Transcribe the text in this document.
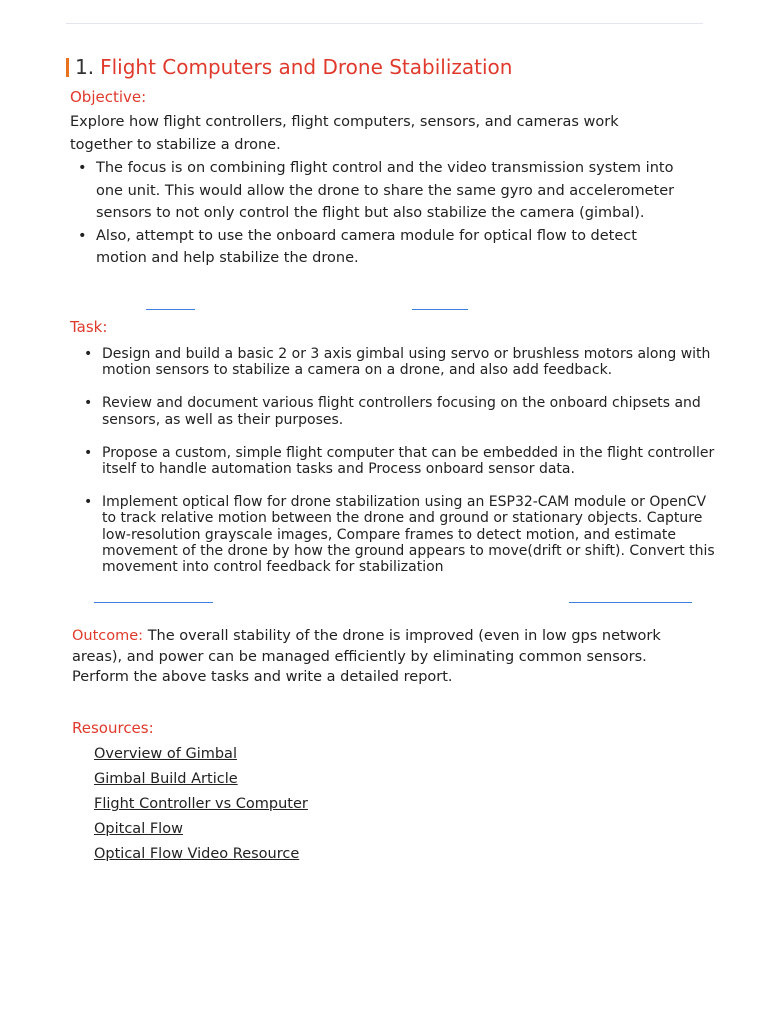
1. Flight Computers and Drone Stabilization
Objective:
Explore how flight controllers, flight computers, sensors, and cameras work together to stabilize a drone.
• The focus is on combining flight control and the video transmission system into one unit. This would allow the drone to share the same gyro and accelerometer sensors to not only control the flight but also stabilize the camera (gimbal).
• Also, attempt to use the onboard camera module for optical flow to detect motion and help stabilize the drone.
Task:
• Design and build a basic 2 or 3 axis gimbal using servo or brushless motors along with motion sensors to stabilize a camera on a drone, and also add feedback.
• Review and document various flight controllers focusing on the onboard chipsets and sensors, as well as their purposes.
• Propose a custom, simple flight computer that can be embedded in the flight controller itself to handle automation tasks and Process onboard sensor data.
• Implement optical flow for drone stabilization using an ESP32-CAM module or OpenCV to track relative motion between the drone and ground or stationary objects. Capture low-resolution grayscale images, Compare frames to detect motion, and estimate movement of the drone by how the ground appears to move(drift or shift). Convert this movement into control feedback for stabilization
Outcome: The overall stability of the drone is improved (even in low gps network areas), and power can be managed efficiently by eliminating common sensors. Perform the above tasks and write a detailed report.
Resources:
Overview of Gimbal
Gimbal Build Article
Flight Controller vs Computer
Opitcal Flow
Optical Flow Video Resource
